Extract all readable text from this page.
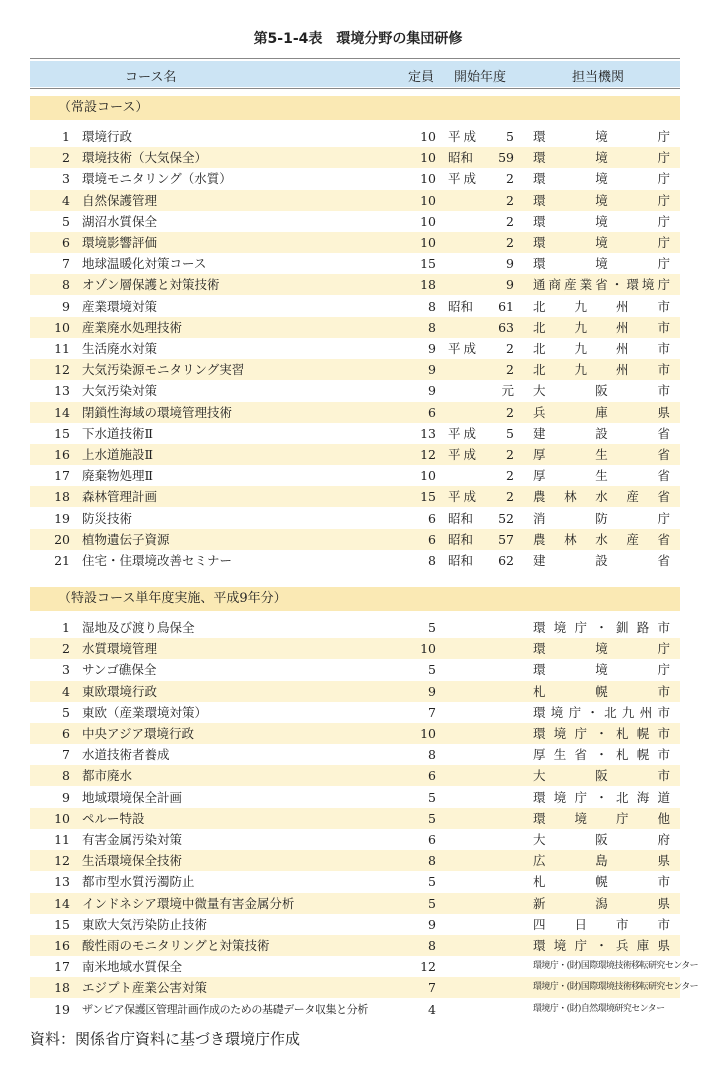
第5-1-4表　環境分野の集団研修
コース名	定員 開始年度	担当機関
（常設コース）
1 環境行政	10 平成 5 環境庁
2 環境技術（大気保全）	10 昭和 59 環境庁
3 環境モニタリング（水質）	10 平成 2 環境庁
4 自然保護管理	10	2 環境庁
5 湖沼水質保全	10	2 環境庁
6 環境影響評価	10	2 環境庁
7 地球温暖化対策コース	15	9 環境庁
8 オゾン層保護と対策技術	18	9 通商産業省・環境庁
9 産業環境対策	8 昭和 61 北九州市
10 産業廃水処理技術	8	63 北九州市
11 生活廃水対策	9 平成 2 北九州市
12 大気汚染源モニタリング実習	9	2 北九州市
13 大気汚染対策	9	元 大阪市
14 閉鎖性海域の環境管理技術	6	2 兵庫県
15 下水道技術Ⅱ	13 平成 5 建設省
16 上水道施設Ⅱ	12 平成 2 厚生省
17 廃棄物処理Ⅱ	10	2 厚生省
18 森林管理計画	15 平成 2 農林水産省
19 防災技術	6 昭和 52 消防庁
20 植物遺伝子資源	6 昭和 57 農林水産省
21 住宅・住環境改善セミナー	8 昭和 62 建設省
（特設コース単年度実施、平成9年分）
1 湿地及び渡り鳥保全	5	環境庁・釧路市
2 水質環境管理	10	環境庁
3 サンゴ礁保全	5	環境庁
4 東欧環境行政	9	札幌市
5 東欧（産業環境対策）	7	環境庁・北九州市
6 中央アジア環境行政	10	環境庁・札幌市
7 水道技術者養成	8	厚生省・札幌市
8 都市廃水	6	大阪市
9 地域環境保全計画	5	環境庁・北海道
10 ペルー特設	5	環境庁他
11 有害金属汚染対策	6	大阪府
12 生活環境保全技術	8	広島県
13 都市型水質汚濁防止	5	札幌市
14 インドネシア環境中微量有害金属分析	5	新潟県
15 東欧大気汚染防止技術	9	四日市市
16 酸性雨のモニタリングと対策技術	8	環境庁・兵庫県
17 南米地域水質保全	12	環境庁・(財)国際環境技術移転研究センター
18 エジプト産業公害対策	7	環境庁・(財)国際環境技術移転研究センター
19 ザンビア保護区管理計画作成のための基礎データ収集と分析	4	環境庁・(財)自然環境研究センター
資料：関係省庁資料に基づき環境庁作成
